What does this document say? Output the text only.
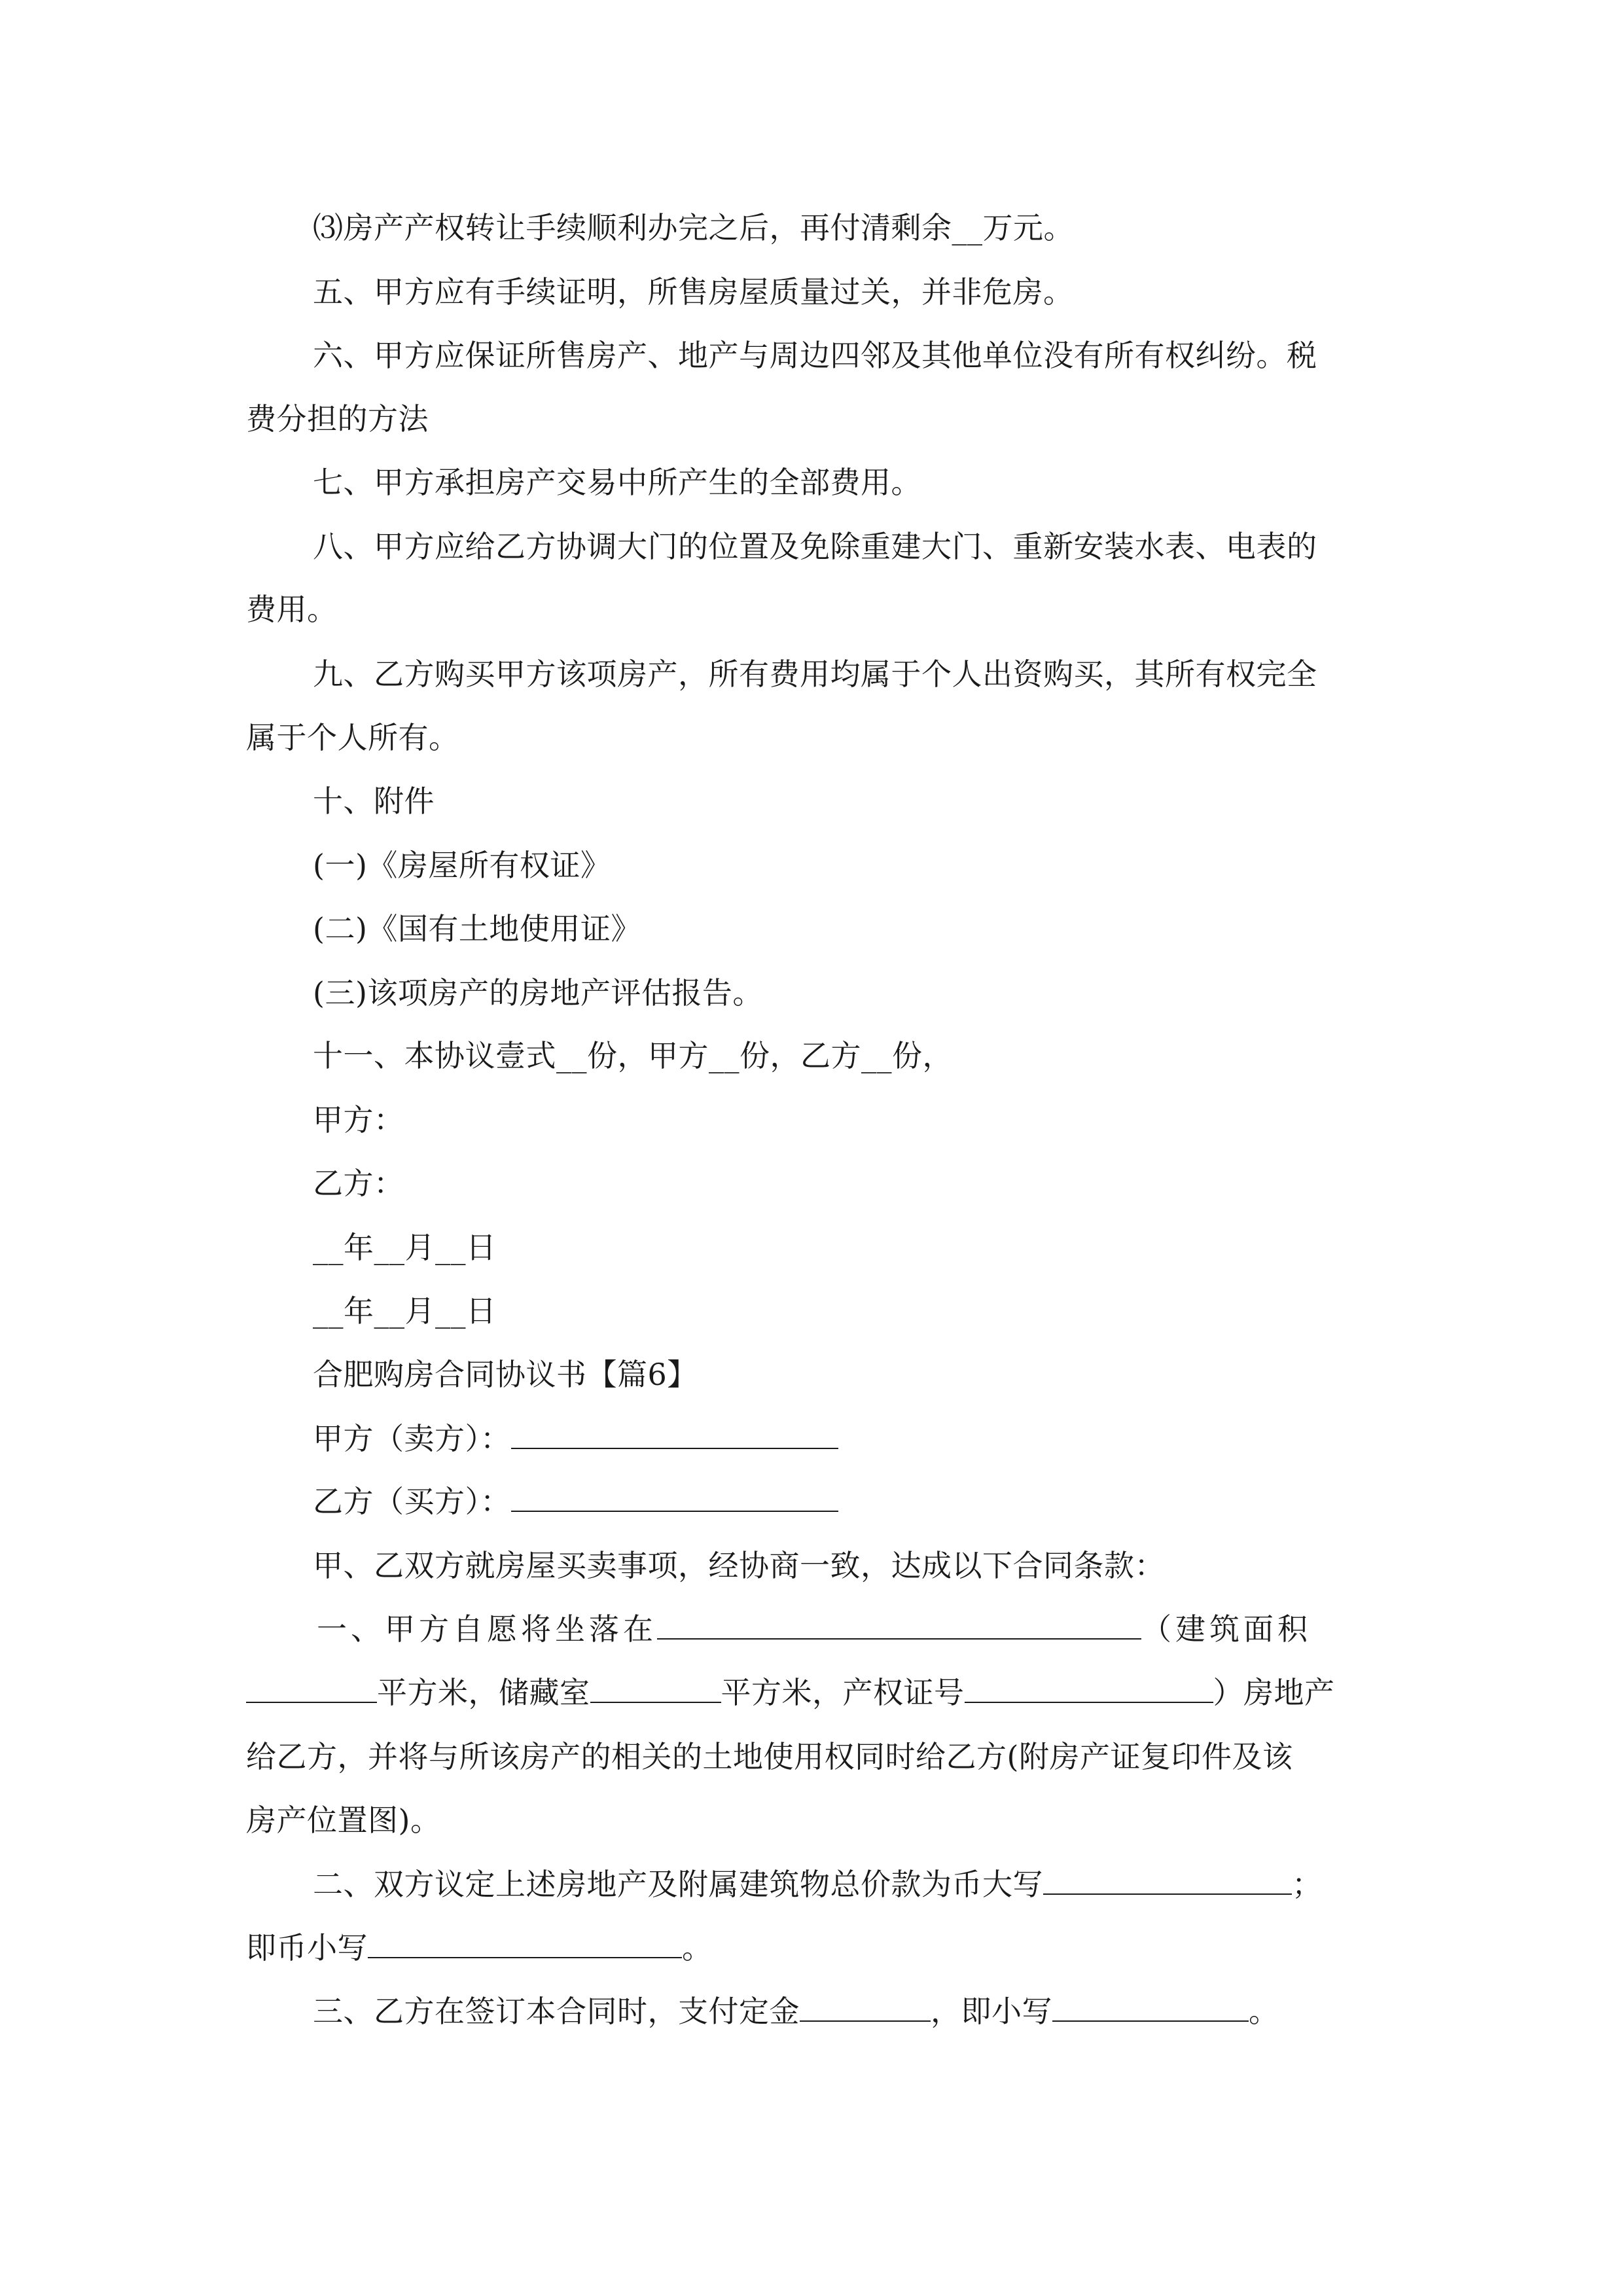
⑶房产产权转让手续顺利办完之后，再付清剩余__万元。
五、甲方应有手续证明，所售房屋质量过关，并非危房。
六、甲方应保证所售房产、地产与周边四邻及其他单位没有所有权纠纷。税
费分担的方法
七、甲方承担房产交易中所产生的全部费用。
八、甲方应给乙方协调大门的位置及免除重建大门、重新安装水表、电表的
费用。
九、乙方购买甲方该项房产，所有费用均属于个人出资购买，其所有权完全
属于个人所有。
十、附件
(一)《房屋所有权证》
(二)《国有土地使用证》
(三)该项房产的房地产评估报告。
十一、本协议壹式__份，甲方__份，乙方__份，
甲方：
乙方：
__年__月__日
__年__月__日
合肥购房合同协议书【篇6】
甲方（卖方）：
乙方（买方）：
甲、乙双方就房屋买卖事项，经协商一致，达成以下合同条款：
一、甲方自愿将坐落在	（建筑面积
平方米，储藏室	平方米，产权证号	）房地产
给乙方，并将与所该房产的相关的土地使用权同时给乙方(附房产证复印件及该
房产位置图)。
二、双方议定上述房地产及附属建筑物总价款为币大写	；
即币小写	。
三、乙方在签订本合同时，支付定金	，即小写	。
